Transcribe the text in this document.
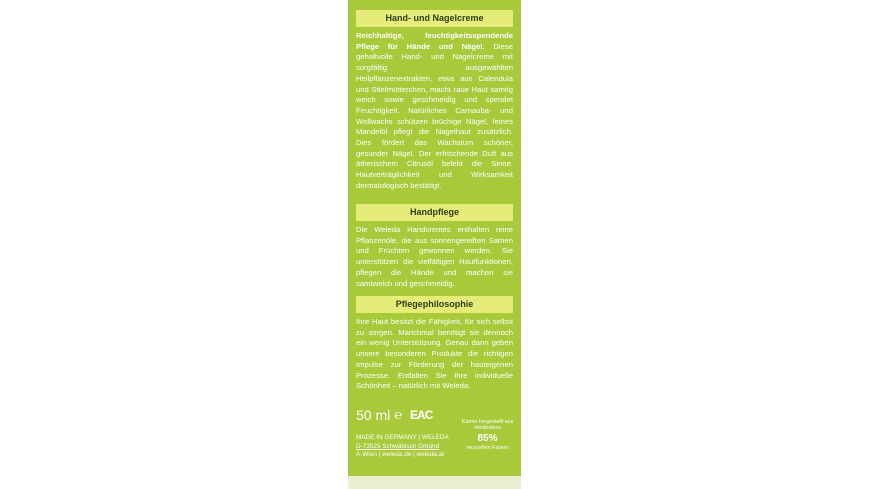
Hand- und Nagelcreme
Reichhaltige, feuchtigkeitsspendende Pflege für Hände und Nägel. Diese gehaltvolle Hand- und Nagelcreme mit sorgfältig ausgewählten Heilpflanzenextrakten, etwa aus Calendula und Stiefmütterchen, macht raue Haut samtig weich sowie geschmeidig und spendet Feuchtigkeit. Natürliches Carnauba- und Wollwachs schützen brüchige Nägel, feines Mandelöl pflegt die Nagelhaut zusätzlich. Dies fördert das Wachstum schöner, gesunder Nägel. Der erfrischende Duft aus ätherischem Citrusöl belebt die Sinne. Hautverträglichkeit und Wirksamkeit dermatologisch bestätigt.
Handpflege
Die Weleda Handcremes enthalten reine Pflanzenöle, die aus sonnengereiften Samen und Früchten gewonnen werden. Sie unterstützen die vielfältigen Hautfunktionen, pflegen die Hände und machen sie samtweich und geschmeidig.
Pflegephilosophie
Ihre Haut besitzt die Fähigkeit, für sich selbst zu sorgen. Manchmal benötigt sie dennoch ein wenig Unterstützung. Genau dann geben unsere besonderen Produkte die richtigen Impulse zur Förderung der hauteigenen Prozesse. Entfalten Sie Ihre individuelle Schönheit – natürlich mit Weleda.
50 ml ℮ EAC
MADE IN GERMANY | WELEDA
D-73525 Schwäbisch Gmünd
A-Wien | weleda.de | weleda.at
Karton hergestellt aus mindestens
85%
recycelten Fasern
